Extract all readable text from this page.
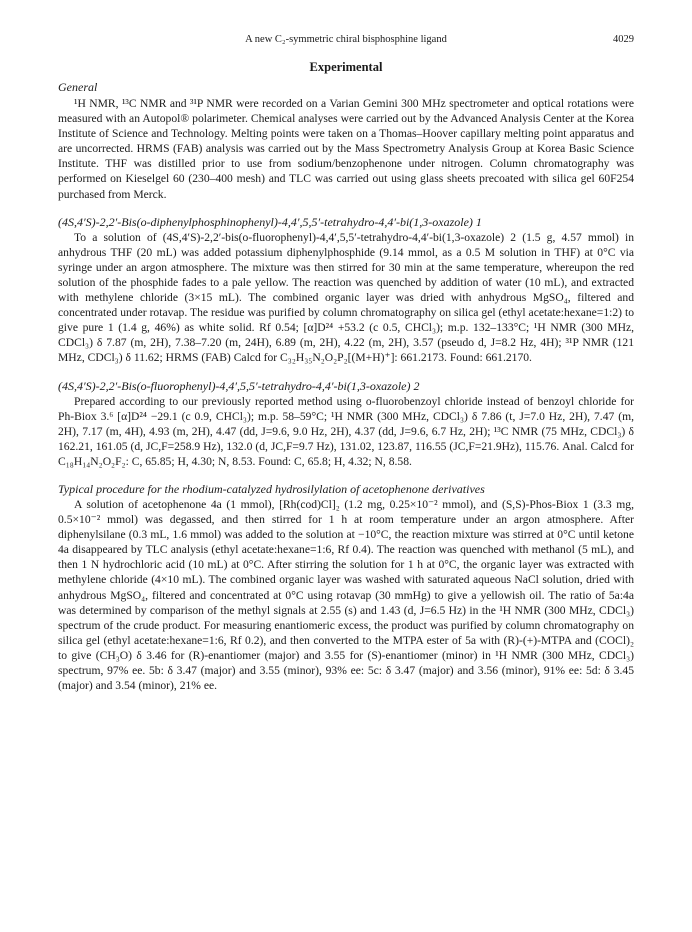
A new C₂-symmetric chiral bisphosphine ligand	4029
Experimental
General

¹H NMR, ¹³C NMR and ³¹P NMR were recorded on a Varian Gemini 300 MHz spectrometer and optical rotations were measured with an Autopol® polarimeter. Chemical analyses were carried out by the Advanced Analysis Center at the Korea Institute of Science and Technology. Melting points were taken on a Thomas–Hoover capillary melting point apparatus and are uncorrected. HRMS (FAB) analysis was carried out by the Mass Spectrometry Analysis Group at Korea Basic Science Institute. THF was distilled prior to use from sodium/benzophenone under nitrogen. Column chromatography was performed on Kieselgel 60 (230–400 mesh) and TLC was carried out using glass sheets precoated with silica gel 60F254 purchased from Merck.

(4S,4′S)-2,2′-Bis(o-diphenylphosphinophenyl)-4,4′,5,5′-tetrahydro-4,4′-bi(1,3-oxazole) 1

To a solution of (4S,4′S)-2,2′-bis(o-fluorophenyl)-4,4′,5,5′-tetrahydro-4,4′-bi(1,3-oxazole) 2 (1.5 g, 4.57 mmol) in anhydrous THF (20 mL) was added potassium diphenylphosphide (9.14 mmol, as a 0.5 M solution in THF) at 0°C via syringe under an argon atmosphere. The mixture was then stirred for 30 min at the same temperature, whereupon the red solution of the phosphide fades to a pale yellow. The reaction was quenched by addition of water (10 mL), and extracted with methylene chloride (3×15 mL). The combined organic layer was dried with anhydrous MgSO₄, filtered and concentrated under rotavap. The residue was purified by column chromatography on silica gel (ethyl acetate:hexane=1:2) to give pure 1 (1.4 g, 46%) as white solid. Rf 0.54; [α]D²⁴ +53.2 (c 0.5, CHCl₃); m.p. 132–133°C; ¹H NMR (300 MHz, CDCl₃) δ 7.87 (m, 2H), 7.38–7.20 (m, 24H), 6.89 (m, 2H), 4.22 (m, 2H), 3.57 (pseudo d, J=8.2 Hz, 4H); ³¹P NMR (121 MHz, CDCl₃) δ 11.62; HRMS (FAB) Calcd for C₃₂H₃₅N₂O₂P₂[(M+H)⁺]: 661.2173. Found: 661.2170.

(4S,4′S)-2,2′-Bis(o-fluorophenyl)-4,4′,5,5′-tetrahydro-4,4′-bi(1,3-oxazole) 2

Prepared according to our previously reported method using o-fluorobenzoyl chloride instead of benzoyl chloride for Ph-Biox 3.⁶ [α]D²⁴ −29.1 (c 0.9, CHCl₃); m.p. 58–59°C; ¹H NMR (300 MHz, CDCl₃) δ 7.86 (t, J=7.0 Hz, 2H), 7.47 (m, 2H), 7.17 (m, 4H), 4.93 (m, 2H), 4.47 (dd, J=9.6, 9.0 Hz, 2H), 4.37 (dd, J=9.6, 6.7 Hz, 2H); ¹³C NMR (75 MHz, CDCl₃) δ 162.21, 161.05 (d, JC,F=258.9 Hz), 132.0 (d, JC,F=9.7 Hz), 131.02, 123.87, 116.55 (JC,F=21.9Hz), 115.76. Anal. Calcd for C₁₈H₁₄N₂O₂F₂: C, 65.85; H, 4.30; N, 8.53. Found: C, 65.8; H, 4.32; N, 8.58.

Typical procedure for the rhodium-catalyzed hydrosilylation of acetophenone derivatives

A solution of acetophenone 4a (1 mmol), [Rh(cod)Cl]₂ (1.2 mg, 0.25×10⁻² mmol), and (S,S)-Phos-Biox 1 (3.3 mg, 0.5×10⁻² mmol) was degassed, and then stirred for 1 h at room temperature under an argon atmosphere. After diphenylsilane (0.3 mL, 1.6 mmol) was added to the solution at −10°C, the reaction mixture was stirred at 0°C until ketone 4a disappeared by TLC analysis (ethyl acetate:hexane=1:6, Rf 0.4). The reaction was quenched with methanol (5 mL), and then 1 N hydrochloric acid (10 mL) at 0°C. After stirring the solution for 1 h at 0°C, the organic layer was extracted with methylene chloride (4×10 mL). The combined organic layer was washed with saturated aqueous NaCl solution, dried with anhydrous MgSO₄, filtered and concentrated at 0°C using rotavap (30 mmHg) to give a yellowish oil. The ratio of 5a:4a was determined by comparison of the methyl signals at 2.55 (s) and 1.43 (d, J=6.5 Hz) in the ¹H NMR (300 MHz, CDCl₃) spectrum of the crude product. For measuring enantiomeric excess, the product was purified by column chromatography on silica gel (ethyl acetate:hexane=1:6, Rf 0.2), and then converted to the MTPA ester of 5a with (R)-(+)-MTPA and (COCl)₂ to give (CH₃O) δ 3.46 for (R)-enantiomer (major) and 3.55 for (S)-enantiomer (minor) in ¹H NMR (300 MHz, CDCl₃) spectrum, 97% ee. 5b: δ 3.47 (major) and 3.55 (minor), 93% ee: 5c: δ 3.47 (major) and 3.56 (minor), 91% ee: 5d: δ 3.45 (major) and 3.54 (minor), 21% ee.
